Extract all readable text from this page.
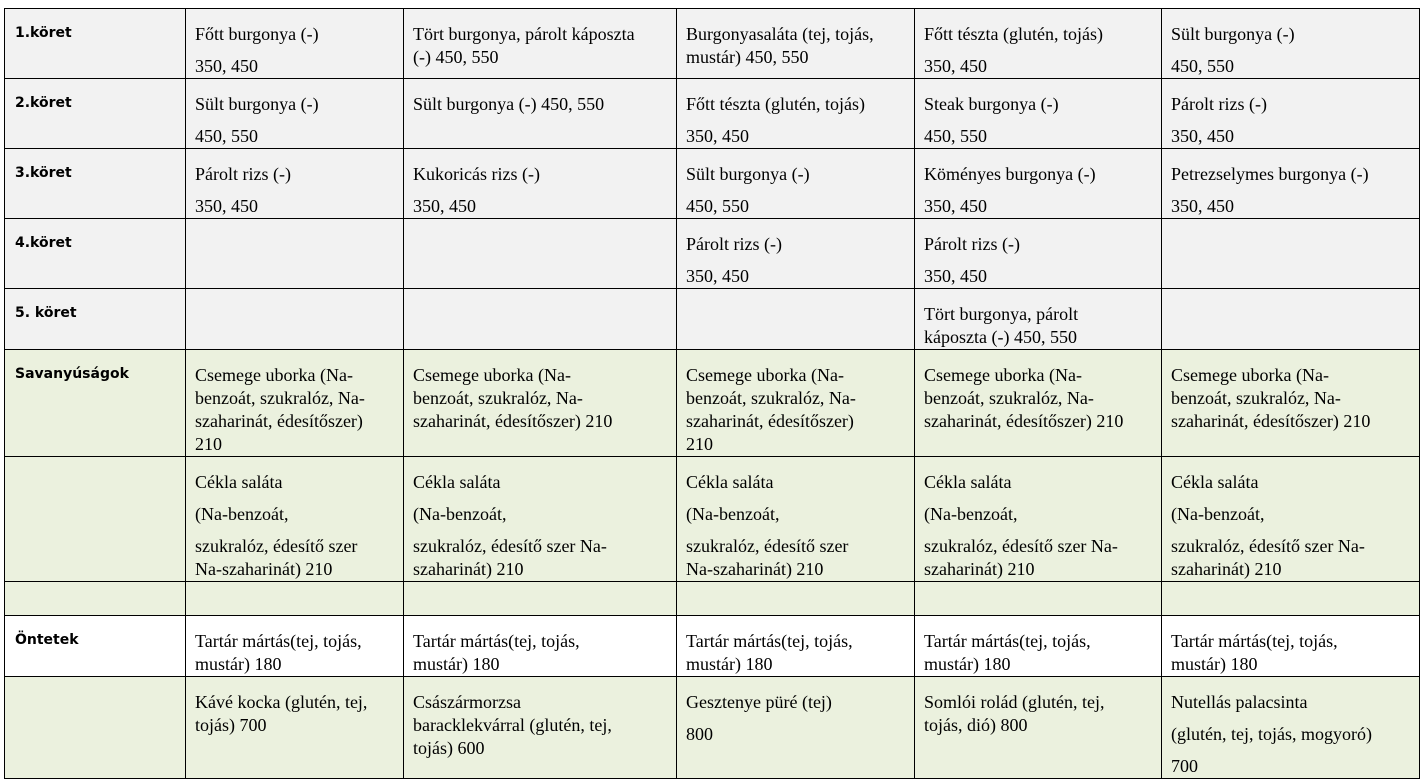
1.köret	Főtt burgonya (-)
350, 450	Tört burgonya, párolt káposzta
(-) 450, 550	Burgonyasaláta (tej, tojás,
mustár) 450, 550	Főtt tészta (glutén, tojás)
350, 450	Sült burgonya (-)
450, 550

2.köret	Sült burgonya (-)
450, 550	Sült burgonya (-) 450, 550	Főtt tészta (glutén, tojás)
350, 450	Steak burgonya (-)
450, 550	Párolt rizs (-)
350, 450

3.köret	Párolt rizs (-)
350, 450	Kukoricás rizs (-)
350, 450	Sült burgonya (-)
450, 550	Köményes burgonya (-)
350, 450	Petrezselymes burgonya (-)
350, 450

4.köret			Párolt rizs (-)
350, 450	Párolt rizs (-)
350, 450	

5. köret				Tört burgonya, párolt
káposzta (-) 450, 550	

Savanyúságok	Csemege uborka (Na-
benzoát, szukralóz, Na-
szaharinát, édesítőszer)
210	Csemege uborka (Na-
benzoát, szukralóz, Na-
szaharinát, édesítőszer) 210	Csemege uborka (Na-
benzoát, szukralóz, Na-
szaharinát, édesítőszer)
210	Csemege uborka (Na-
benzoát, szukralóz, Na-
szaharinát, édesítőszer) 210	Csemege uborka (Na-
benzoát, szukralóz, Na-
szaharinát, édesítőszer) 210

	Cékla saláta
(Na-benzoát,
szukralóz, édesítő szer
Na-szaharinát) 210	Cékla saláta
(Na-benzoát,
szukralóz, édesítő szer Na-
szaharinát) 210	Cékla saláta
(Na-benzoát,
szukralóz, édesítő szer
Na-szaharinát) 210	Cékla saláta
(Na-benzoát,
szukralóz, édesítő szer Na-
szaharinát) 210	Cékla saláta
(Na-benzoát,
szukralóz, édesítő szer Na-
szaharinát) 210

Öntetek	Tartár mártás(tej, tojás,
mustár) 180	Tartár mártás(tej, tojás,
mustár) 180	Tartár mártás(tej, tojás,
mustár) 180	Tartár mártás(tej, tojás,
mustár) 180	Tartár mártás(tej, tojás,
mustár) 180

	Kávé kocka (glutén, tej,
tojás) 700	Császármorzsa
baracklekvárral (glutén, tej,
tojás) 600	Gesztenye püré (tej)
800	Somlói rolád (glutén, tej,
tojás, dió) 800	Nutellás palacsinta
(glutén, tej, tojás, mogyoró)
700
